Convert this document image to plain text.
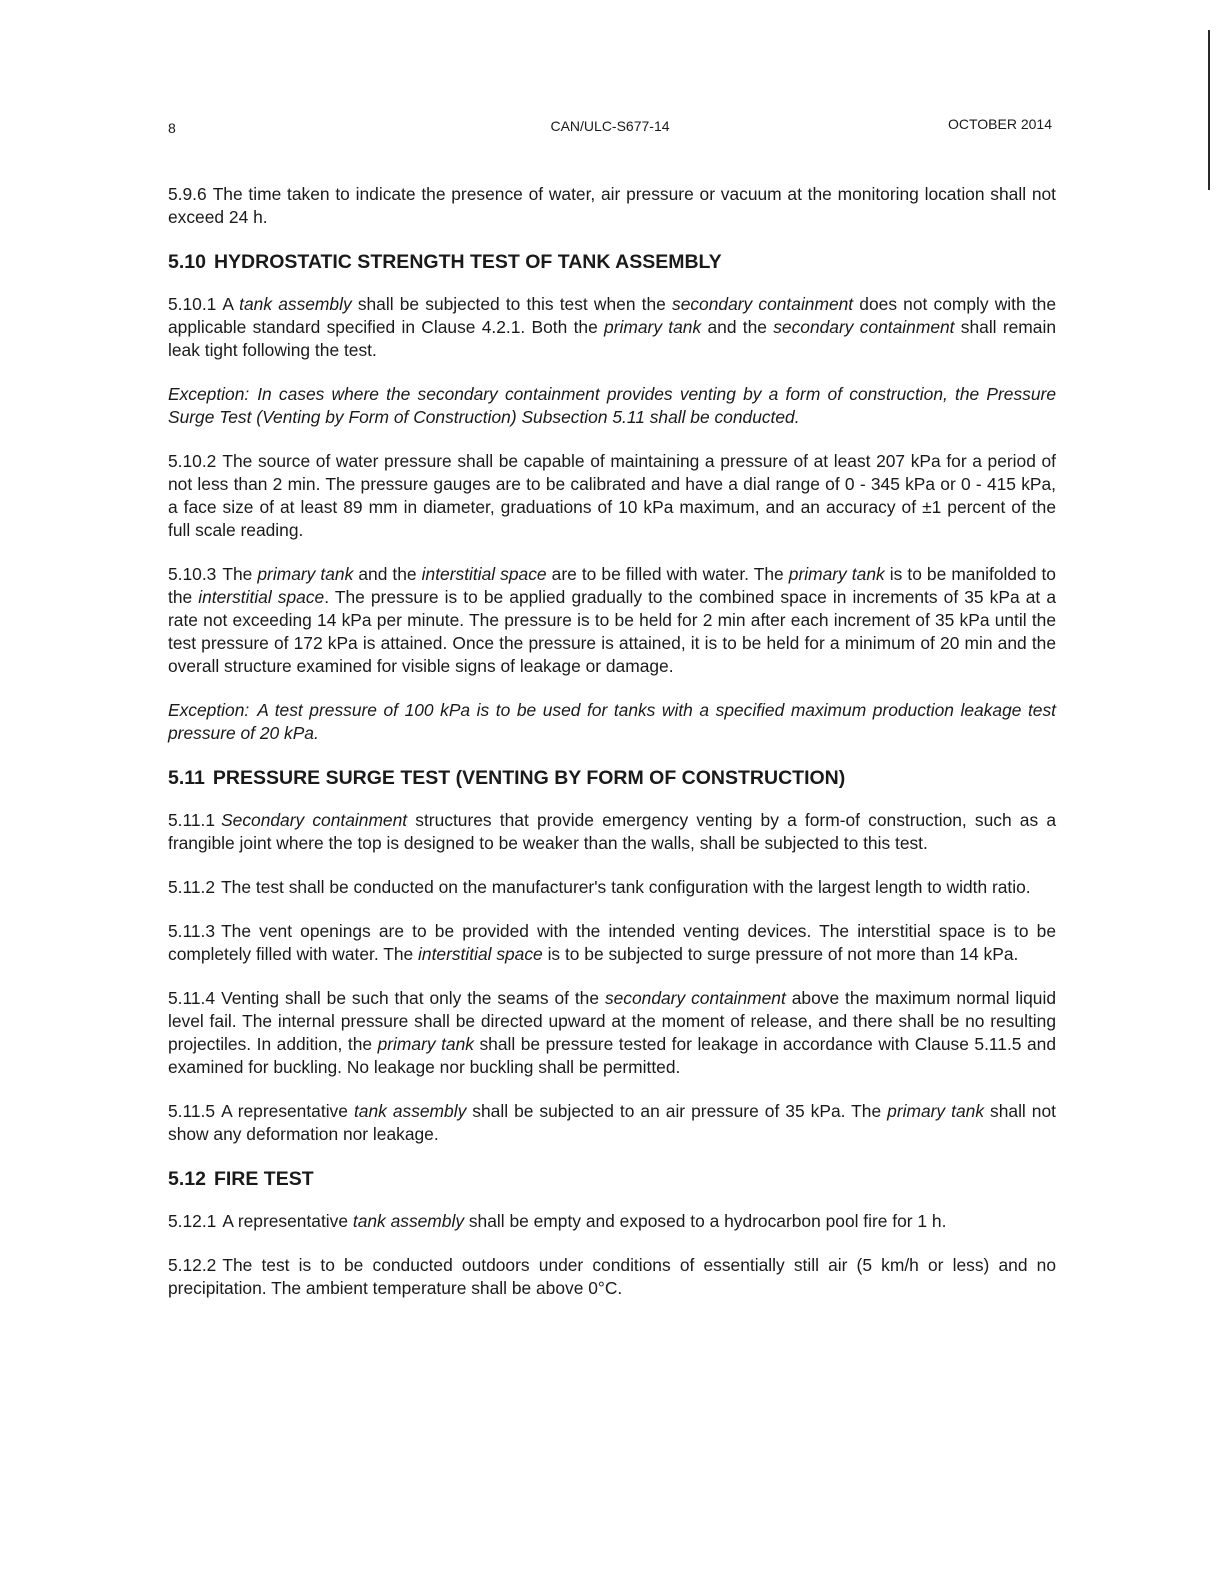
8	CAN/ULC-S677-14	OCTOBER 2014

5.9.6 The time taken to indicate the presence of water, air pressure or vacuum at the monitoring location shall not exceed 24 h.

5.10 HYDROSTATIC STRENGTH TEST OF TANK ASSEMBLY

5.10.1 A tank assembly shall be subjected to this test when the secondary containment does not comply with the applicable standard specified in Clause 4.2.1. Both the primary tank and the secondary containment shall remain leak tight following the test.

Exception: In cases where the secondary containment provides venting by a form of construction, the Pressure Surge Test (Venting by Form of Construction) Subsection 5.11 shall be conducted.

5.10.2 The source of water pressure shall be capable of maintaining a pressure of at least 207 kPa for a period of not less than 2 min. The pressure gauges are to be calibrated and have a dial range of 0 - 345 kPa or 0 - 415 kPa, a face size of at least 89 mm in diameter, graduations of 10 kPa maximum, and an accuracy of ±1 percent of the full scale reading.

5.10.3 The primary tank and the interstitial space are to be filled with water. The primary tank is to be manifolded to the interstitial space. The pressure is to be applied gradually to the combined space in increments of 35 kPa at a rate not exceeding 14 kPa per minute. The pressure is to be held for 2 min after each increment of 35 kPa until the test pressure of 172 kPa is attained. Once the pressure is attained, it is to be held for a minimum of 20 min and the overall structure examined for visible signs of leakage or damage.

Exception: A test pressure of 100 kPa is to be used for tanks with a specified maximum production leakage test pressure of 20 kPa.

5.11 PRESSURE SURGE TEST (VENTING BY FORM OF CONSTRUCTION)

5.11.1 Secondary containment structures that provide emergency venting by a form-of construction, such as a frangible joint where the top is designed to be weaker than the walls, shall be subjected to this test.

5.11.2 The test shall be conducted on the manufacturer's tank configuration with the largest length to width ratio.

5.11.3 The vent openings are to be provided with the intended venting devices. The interstitial space is to be completely filled with water. The interstitial space is to be subjected to surge pressure of not more than 14 kPa.

5.11.4 Venting shall be such that only the seams of the secondary containment above the maximum normal liquid level fail. The internal pressure shall be directed upward at the moment of release, and there shall be no resulting projectiles. In addition, the primary tank shall be pressure tested for leakage in accordance with Clause 5.11.5 and examined for buckling. No leakage nor buckling shall be permitted.

5.11.5 A representative tank assembly shall be subjected to an air pressure of 35 kPa. The primary tank shall not show any deformation nor leakage.

5.12 FIRE TEST

5.12.1 A representative tank assembly shall be empty and exposed to a hydrocarbon pool fire for 1 h.

5.12.2 The test is to be conducted outdoors under conditions of essentially still air (5 km/h or less) and no precipitation. The ambient temperature shall be above 0°C.
